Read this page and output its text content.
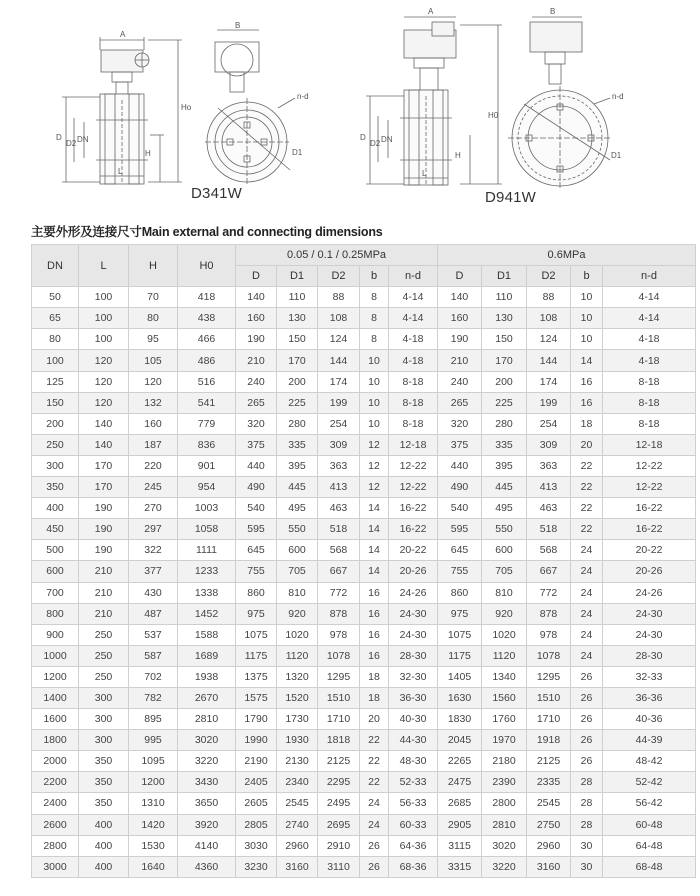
A
B
Ho
H
D
D2 DN
L
n-d
D1
A	B
H0
H
D
D2 DN
L
n-d
D1
D341W	D941W
主要外形及连接尺寸Main external and connecting dimensions
DN	L	H	H0	0.05 / 0.1 / 0.25MPa					0.6MPa				
				D	D1	D2	b	n-d	D	D1	D2	b	n-d
50	100	70	418	140	110	88	8	4-14	140	110	88	10	4-14
65	100	80	438	160	130	108	8	4-14	160	130	108	10	4-14
80	100	95	466	190	150	124	8	4-18	190	150	124	10	4-18
100	120	105	486	210	170	144	10	4-18	210	170	144	14	4-18
125	120	120	516	240	200	174	10	8-18	240	200	174	16	8-18
150	120	132	541	265	225	199	10	8-18	265	225	199	16	8-18
200	140	160	779	320	280	254	10	8-18	320	280	254	18	8-18
250	140	187	836	375	335	309	12	12-18	375	335	309	20	12-18
300	170	220	901	440	395	363	12	12-22	440	395	363	22	12-22
350	170	245	954	490	445	413	12	12-22	490	445	413	22	12-22
400	190	270	1003	540	495	463	14	16-22	540	495	463	22	16-22
450	190	297	1058	595	550	518	14	16-22	595	550	518	22	16-22
500	190	322	1111	645	600	568	14	20-22	645	600	568	24	20-22
600	210	377	1233	755	705	667	14	20-26	755	705	667	24	20-26
700	210	430	1338	860	810	772	16	24-26	860	810	772	24	24-26
800	210	487	1452	975	920	878	16	24-30	975	920	878	24	24-30
900	250	537	1588	1075	1020	978	16	24-30	1075	1020	978	24	24-30
1000	250	587	1689	1175	1120	1078	16	28-30	1175	1120	1078	24	28-30
1200	250	702	1938	1375	1320	1295	18	32-30	1405	1340	1295	26	32-33
1400	300	782	2670	1575	1520	1510	18	36-30	1630	1560	1510	26	36-36
1600	300	895	2810	1790	1730	1710	20	40-30	1830	1760	1710	26	40-36
1800	300	995	3020	1990	1930	1818	22	44-30	2045	1970	1918	26	44-39
2000	350	1095	3220	2190	2130	2125	22	48-30	2265	2180	2125	26	48-42
2200	350	1200	3430	2405	2340	2295	22	52-33	2475	2390	2335	28	52-42
2400	350	1310	3650	2605	2545	2495	24	56-33	2685	2800	2545	28	56-42
2600	400	1420	3920	2805	2740	2695	24	60-33	2905	2810	2750	28	60-48
2800	400	1530	4140	3030	2960	2910	26	64-36	3115	3020	2960	30	64-48
3000	400	1640	4360	3230	3160	3110	26	68-36	3315	3220	3160	30	68-48
